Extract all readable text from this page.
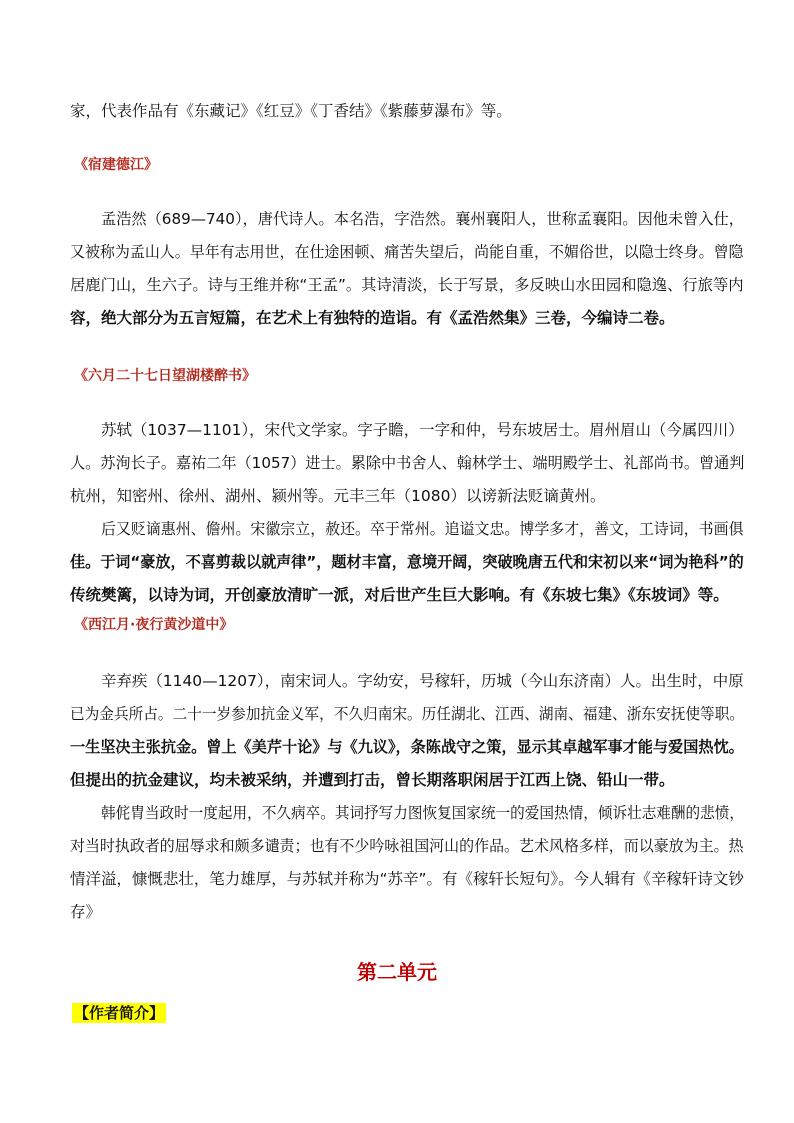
家，代表作品有《东藏记》《红豆》《丁香结》《紫藤萝瀑布》等。

《宿建德江》

孟浩然（689—740），唐代诗人。本名浩，字浩然。襄州襄阳人，世称孟襄阳。因他未曾入仕，

又被称为孟山人。早年有志用世，在仕途困顿、痛苦失望后，尚能自重，不媚俗世，以隐士终身。曾隐

居鹿门山，生六子。诗与王维并称“王孟”。其诗清淡，长于写景，多反映山水田园和隐逸、行旅等内

容，绝大部分为五言短篇，在艺术上有独特的造诣。有《孟浩然集》三卷，今编诗二卷。

《六月二十七日望湖楼醉书》

苏轼（1037—1101），宋代文学家。字子瞻，一字和仲，号东坡居士。眉州眉山（今属四川）

人。苏洵长子。嘉祐二年（1057）进士。累除中书舍人、翰林学士、端明殿学士、礼部尚书。曾通判

杭州，知密州、徐州、湖州、颍州等。元丰三年（1080）以谤新法贬谪黄州。

后又贬谪惠州、儋州。宋徽宗立，赦还。卒于常州。追谥文忠。博学多才，善文，工诗词，书画俱

佳。于词“豪放，不喜剪裁以就声律”，题材丰富，意境开阔，突破晚唐五代和宋初以来“词为艳科”的

传统樊篱，以诗为词，开创豪放清旷一派，对后世产生巨大影响。有《东坡七集》《东坡词》等。

《西江月·夜行黄沙道中》

辛弃疾（1140—1207），南宋词人。字幼安，号稼轩，历城（今山东济南）人。出生时，中原

已为金兵所占。二十一岁参加抗金义军，不久归南宋。历任湖北、江西、湖南、福建、浙东安抚使等职。

一生坚决主张抗金。曾上《美芹十论》与《九议》，条陈战守之策，显示其卓越军事才能与爱国热忱。

但提出的抗金建议，均未被采纳，并遭到打击，曾长期落职闲居于江西上饶、铅山一带。

韩侂胄当政时一度起用，不久病卒。其词抒写力图恢复国家统一的爱国热情，倾诉壮志难酬的悲愤，

对当时执政者的屈辱求和颇多谴责；也有不少吟咏祖国河山的作品。艺术风格多样，而以豪放为主。热

情洋溢，慷慨悲壮，笔力雄厚，与苏轼并称为“苏辛”。有《稼轩长短句》。今人辑有《辛稼轩诗文钞

存》

第二单元

【作者简介】
